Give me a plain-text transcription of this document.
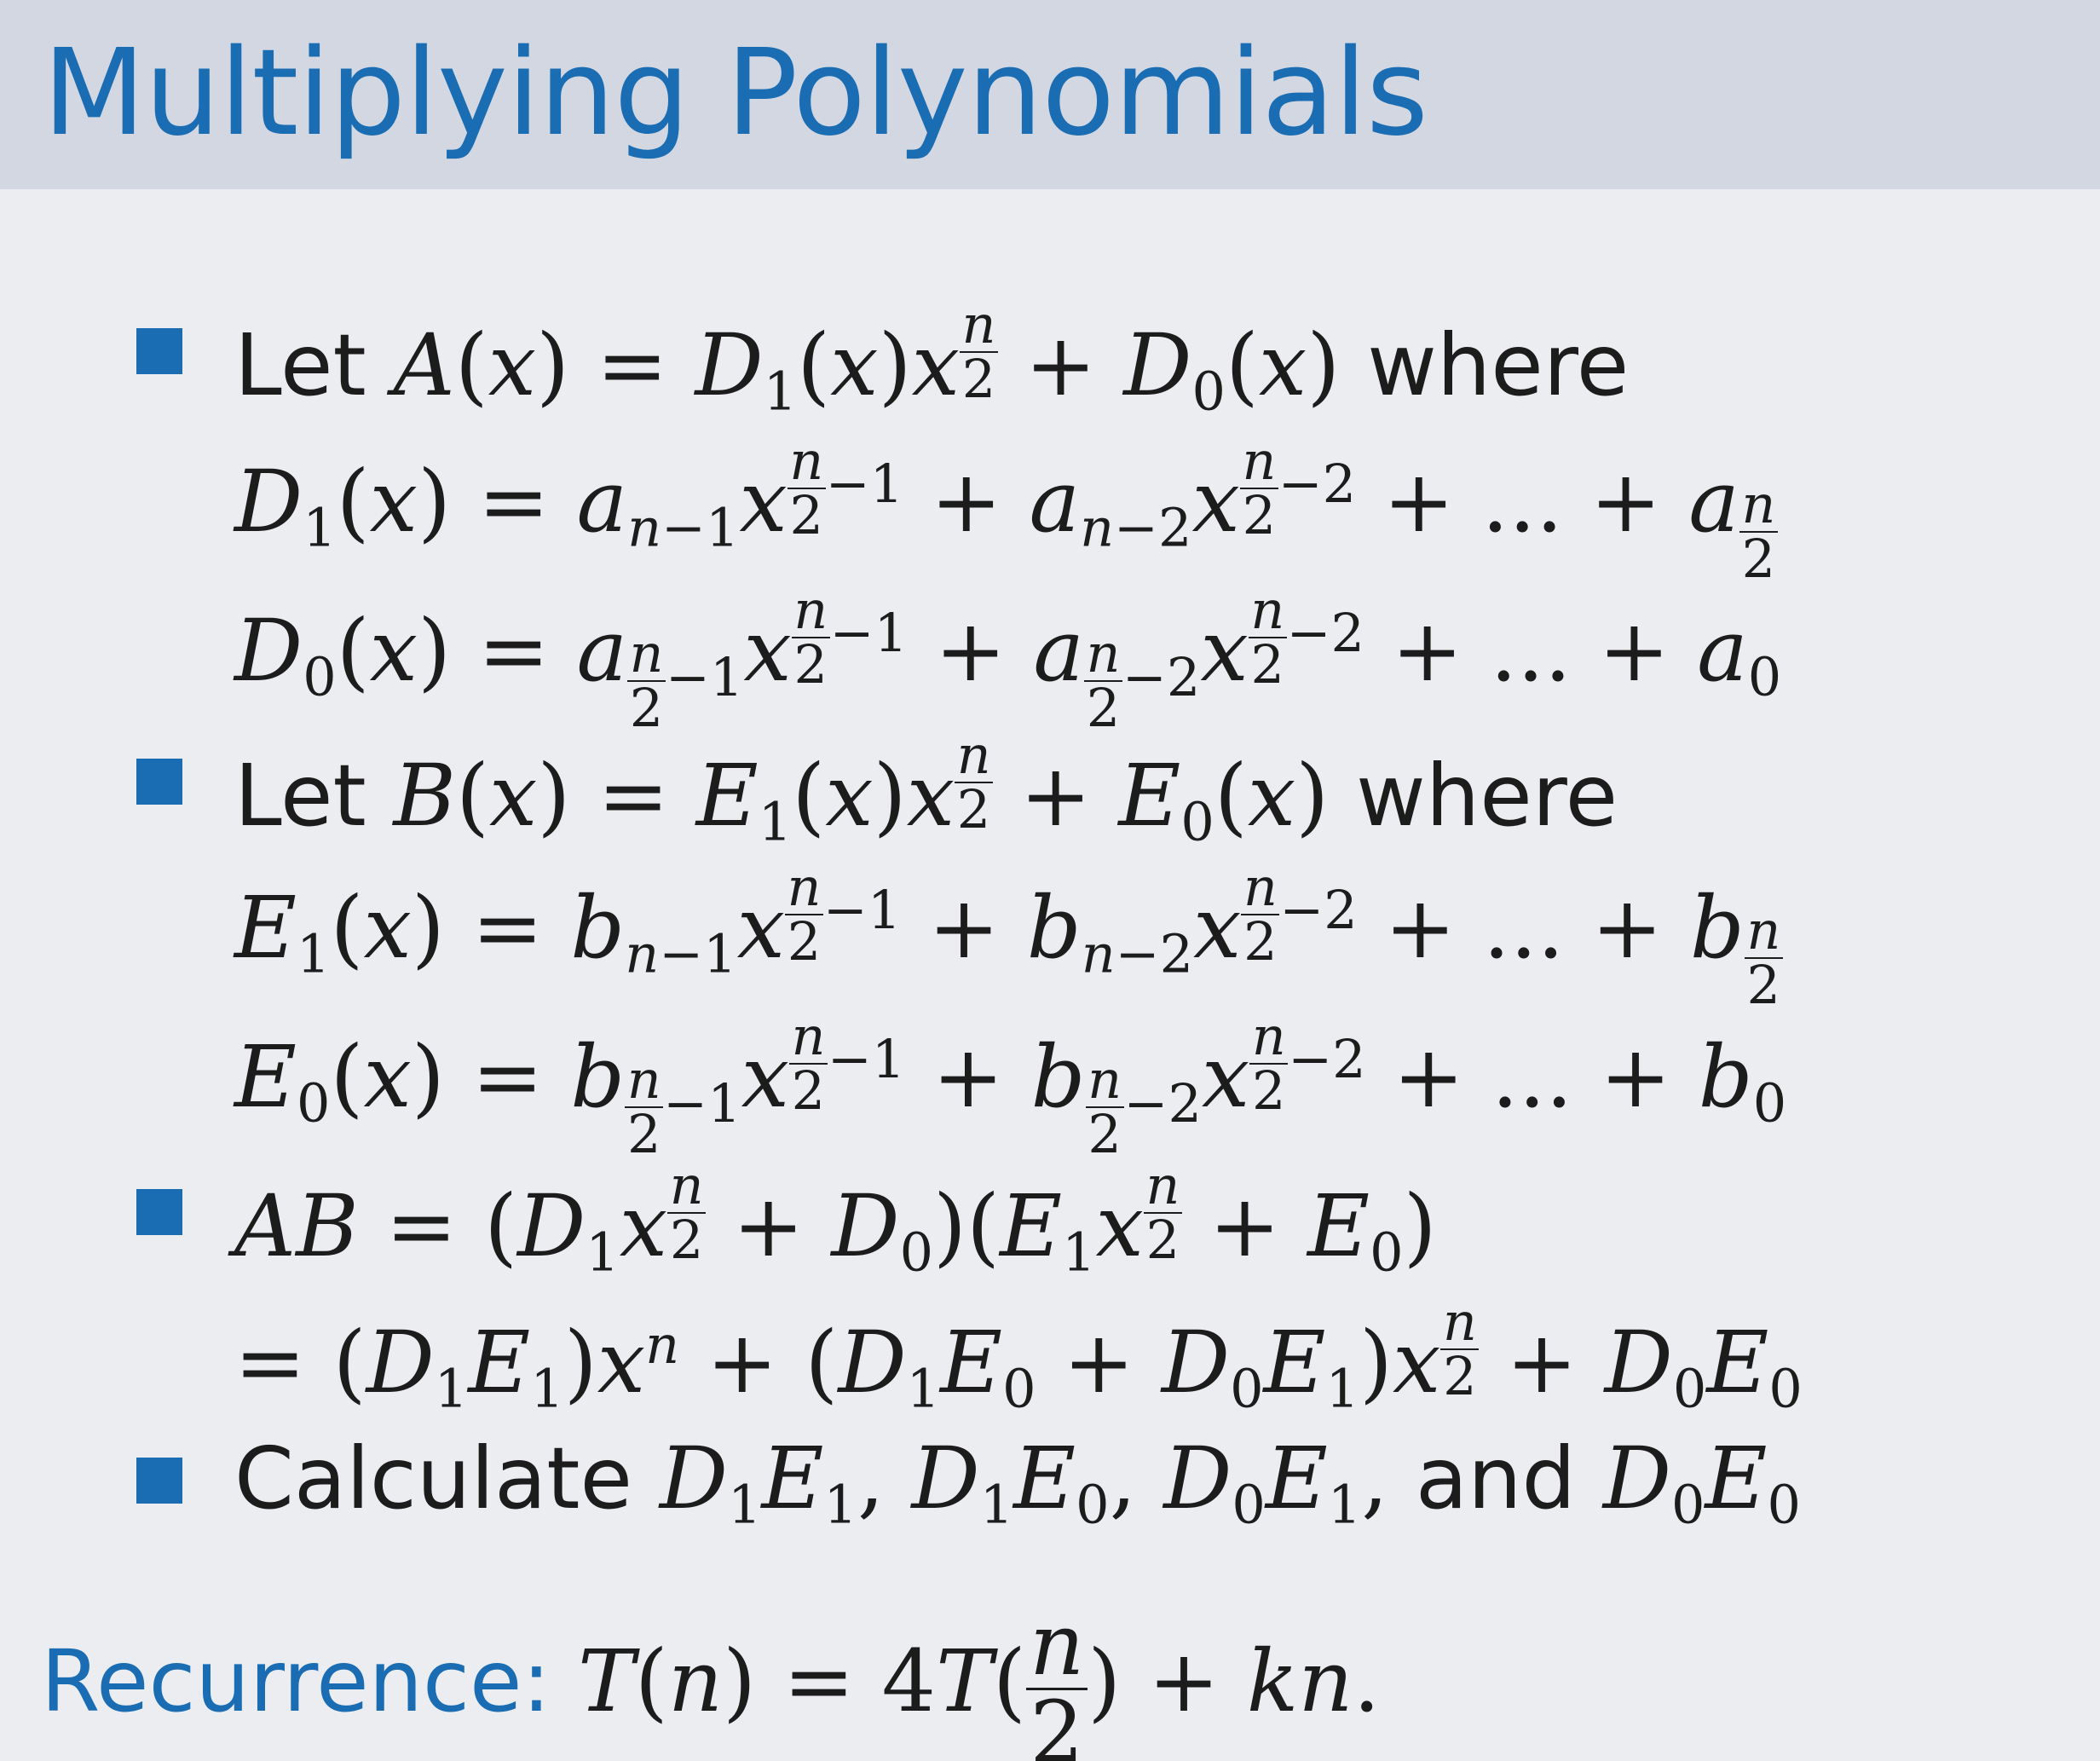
Multiplying Polynomials
Let $A(x) = D_1(x)x$ $^{\frac{n}{2}} + D_0(x)$ where
$D_1(x) = a_{n-1}x$ $^{\frac{n}{2} -1} + a_{n-2}x$ $^{\frac{n}{2} -2}$ + ... + a $_{\frac{n}{2}}$
$D_0(x) = a$ $_{\frac{n}{2} -1}$x $^{\frac{n}{2} -1}$ + a $_{\frac{n}{2} -2}$x $^{\frac{n}{2} -2}$ + ... + $a_0$
Let $B(x) = E_1(x)x$ $^{\frac{n}{2}} + E_0(x)$ where
$E_1(x) = b_{n-1}x$ $^{\frac{n}{2} -1} + b_{n-2}x$ $^{\frac{n}{2} -2}$ + ... + b $_{\frac{n}{2}}$
$E_0(x) = b$ $_{\frac{n}{2} -1}$x $^{\frac{n}{2} -1}$ + b $_{\frac{n}{2} -2}$x $^{\frac{n}{2} -2}$ + ... + $b_0$
AB = ($D_1x$ $^{\frac{n}{2}} + D_0)(E_1x$ $^{\frac{n}{2}} + E_0$)
= $(D_1E_1)x^n + (D_1E_0 + D_0E_1)x$ $^{\frac{n}{2}} + D_0E_0$
Calculate $D_1E_1$, $D_1E_0$, $D_0E_1$, and $D_0E_0$
Recurrence: $T(n) = 4T( \frac{n}{2}$ ) + kn.
